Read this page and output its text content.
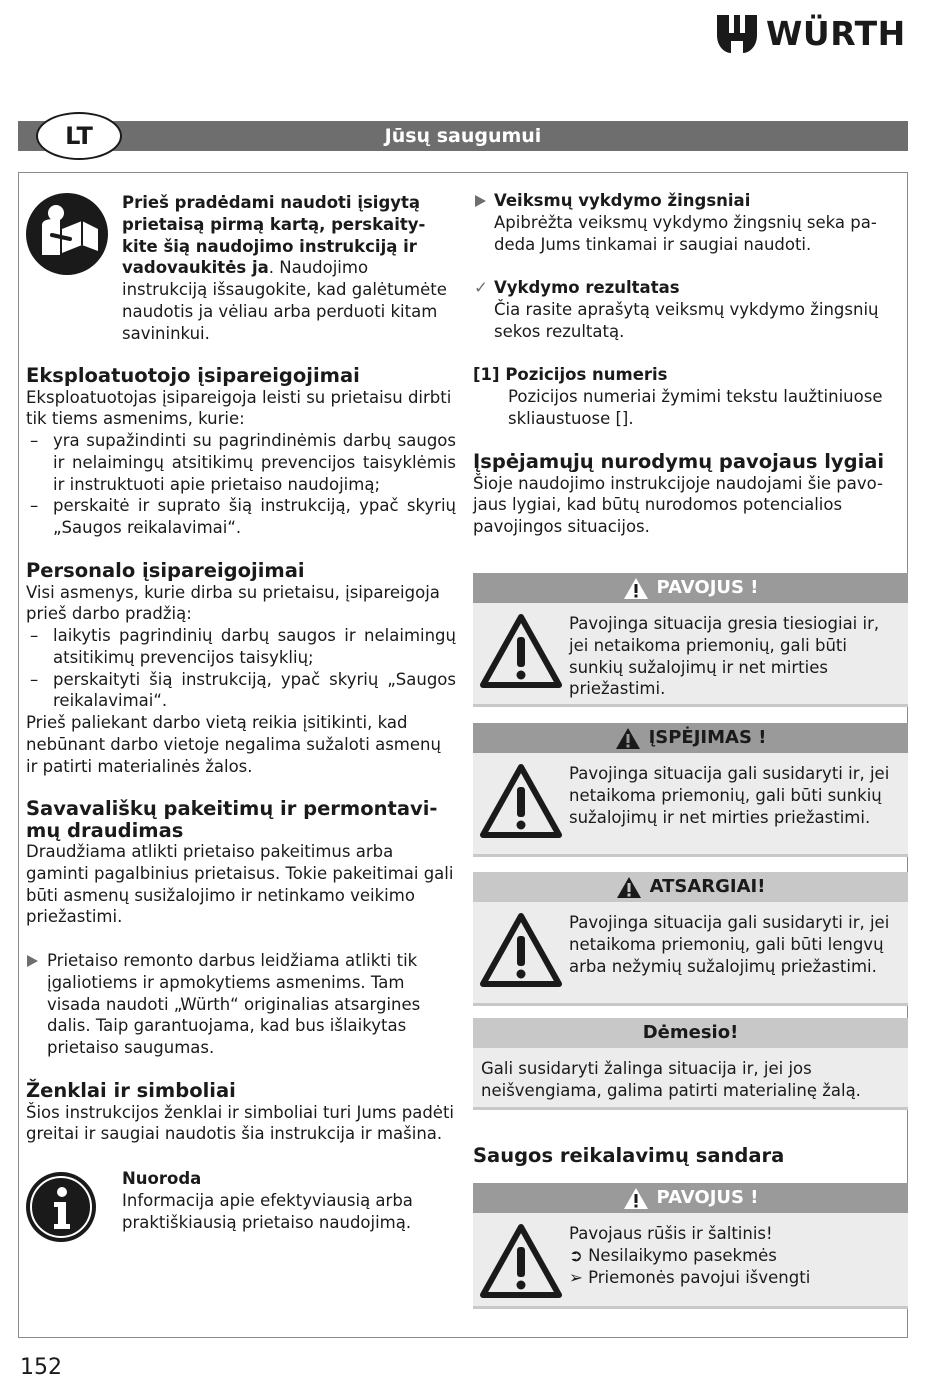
WÜRTH
Jūsų saugumui
LT
Prieš pradėdami naudoti įsigytą prietaisą pirmą kartą, perskaity-kite šią naudojimo instrukciją ir vadovaukitės ja. Naudojimo instrukciją išsaugokite, kad galėtumėte naudotis ja vėliau arba perduoti kitam savininkui.
Eksploatuotojo įsipareigojimai
Eksploatuotojas įsipareigoja leisti su prietaisu dirbti tik tiems asmenims, kurie:
– yra supažindinti su pagrindinėmis darbų saugos ir nelaimingų atsitikimų prevencijos taisyklėmis ir instruktuoti apie prietaiso naudojimą;
– perskaitė ir suprato šią instrukciją, ypač skyrių „Saugos reikalavimai“.
Personalo įsipareigojimai
Visi asmenys, kurie dirba su prietaisu, įsipareigoja prieš darbo pradžią:
– laikytis pagrindinių darbų saugos ir nelaimingų atsitikimų prevencijos taisyklių;
– perskaityti šią instrukciją, ypač skyrių „Saugos reikalavimai“.
Prieš paliekant darbo vietą reikia įsitikinti, kad nebūnant darbo vietoje negalima sužaloti asmenų ir patirti materialinės žalos.
Savavališkų pakeitimų ir permontavi-mų draudimas
Draudžiama atlikti prietaiso pakeitimus arba gaminti pagalbinius prietaisus. Tokie pakeitimai gali būti asmenų susižalojimo ir netinkamo veikimo priežastimi.
Prietaiso remonto darbus leidžiama atlikti tik įgaliotiems ir apmokytiems asmenims. Tam visada naudoti „Würth“ originalias atsargines dalis. Taip garantuojama, kad bus išlaikytas prietaiso saugumas.
Ženklai ir simboliai
Šios instrukcijos ženklai ir simboliai turi Jums padėti greitai ir saugiai naudotis šia instrukcija ir mašina.
Nuoroda
Informacija apie efektyviausią arba praktiškiausią prietaiso naudojimą.
Veiksmų vykdymo žingsniai
Apibrėžta veiksmų vykdymo žingsnių seka pa-deda Jums tinkamai ir saugiai naudoti.
✓ Vykdymo rezultatas
Čia rasite aprašytą veiksmų vykdymo žingsnių sekos rezultatą.
[1] Pozicijos numeris
Pozicijos numeriai žymimi tekstu laužtiniuose skliaustuose [].
Įspėjamųjų nurodymų pavojaus lygiai
Šioje naudojimo instrukcijoje naudojami šie pavo-jaus lygiai, kad būtų nurodomos potencialios pavojingos situacijos.
PAVOJUS !
Pavojinga situacija gresia tiesiogiai ir, jei netaikoma priemonių, gali būti sunkių sužalojimų ir net mirties priežastimi.
ĮSPĖJIMAS !
Pavojinga situacija gali susidaryti ir, jei netaikoma priemonių, gali būti sunkių sužalojimų ir net mirties priežastimi.
ATSARGIAI!
Pavojinga situacija gali susidaryti ir, jei netaikoma priemonių, gali būti lengvų arba nežymių sužalojimų priežastimi.
Dėmesio!
Gali susidaryti žalinga situacija ir, jei jos neišvengiama, galima patirti materialinę žalą.
Saugos reikalavimų sandara
PAVOJUS !
Pavojaus rūšis ir šaltinis!
➲ Nesilaikymo pasekmės
➢ Priemonės pavojui išvengti
152
